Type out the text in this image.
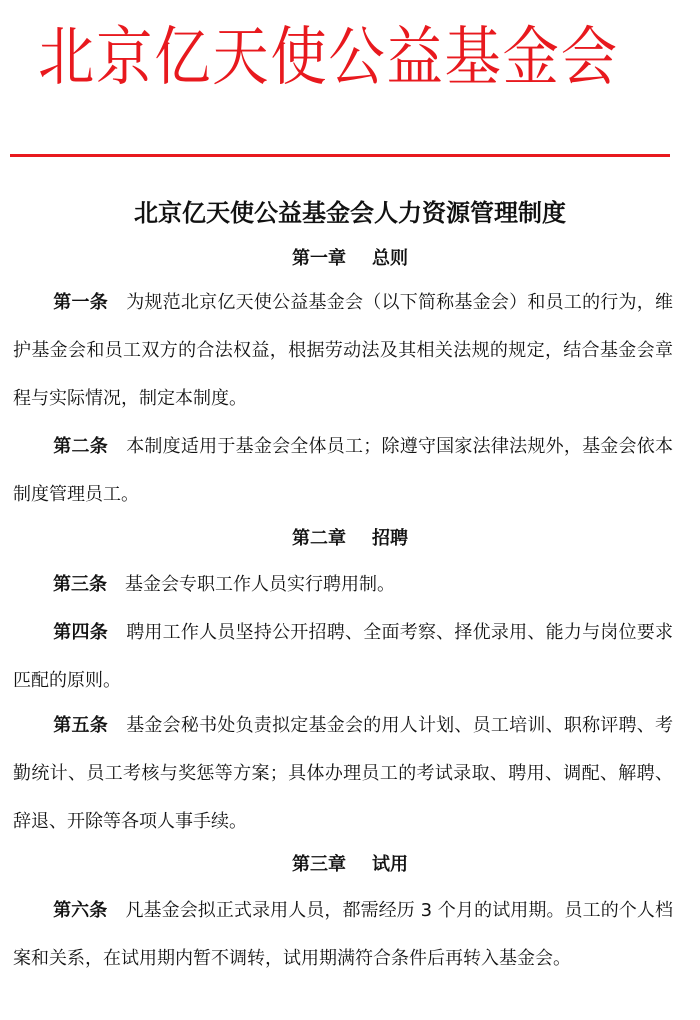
北京亿天使公益基金会
北京亿天使公益基金会人力资源管理制度
第一章 总则
第一条 为规范北京亿天使公益基金会（以下简称基金会）和员工的行为，维护基金会和员工双方的合法权益，根据劳动法及其相关法规的规定，结合基金会章程与实际情况，制定本制度。
第二条 本制度适用于基金会全体员工；除遵守国家法律法规外，基金会依本制度管理员工。
第二章 招聘
第三条 基金会专职工作人员实行聘用制。
第四条 聘用工作人员坚持公开招聘、全面考察、择优录用、能力与岗位要求匹配的原则。
第五条 基金会秘书处负责拟定基金会的用人计划、员工培训、职称评聘、考勤统计、员工考核与奖惩等方案；具体办理员工的考试录取、聘用、调配、解聘、辞退、开除等各项人事手续。
第三章 试用
第六条 凡基金会拟正式录用人员，都需经历 3 个月的试用期。员工的个人档案和关系，在试用期内暂不调转，试用期满符合条件后再转入基金会。
